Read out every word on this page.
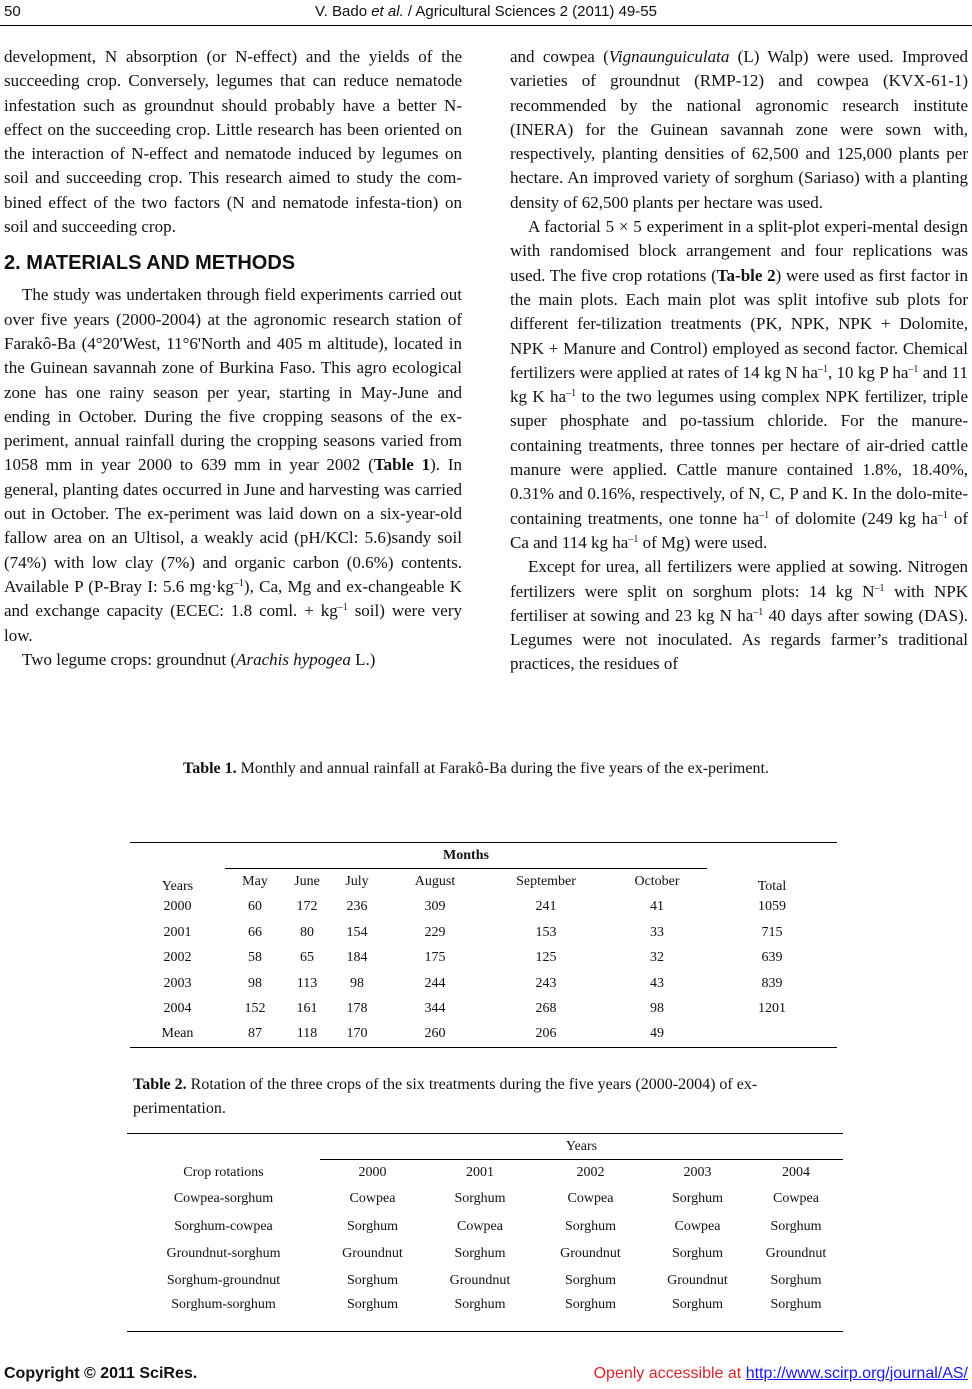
50	V. Bado et al. / Agricultural Sciences 2 (2011) 49-55

development, N absorption (or N-effect) and the yields of the succeeding crop. Conversely, legumes that can reduce nematode infestation such as groundnut should probably have a better N-effect on the succeeding crop. Little research has been oriented on the interaction of N-effect and nematode induced by legumes on soil and succeeding crop. This research aimed to study the com-bined effect of the two factors (N and nematode infesta-tion) on soil and succeeding crop.

2. MATERIALS AND METHODS

The study was undertaken through field experiments carried out over five years (2000-2004) at the agronomic research station of Farakô-Ba (4°20'West, 11°6'North and 405 m altitude), located in the Guinean savannah zone of Burkina Faso. This agro ecological zone has one rainy season per year, starting in May-June and ending in October. During the five cropping seasons of the ex-periment, annual rainfall during the cropping seasons varied from 1058 mm in year 2000 to 639 mm in year 2002 (Table 1). In general, planting dates occurred in June and harvesting was carried out in October. The ex-periment was laid down on a six-year-old fallow area on an Ultisol, a weakly acid (pH/KCl: 5.6)sandy soil (74%) with low clay (7%) and organic carbon (0.6%) contents. Available P (P-Bray I: 5.6 $mg\cdot kg^{-1}$), Ca, Mg and ex-changeable K and exchange capacity (ECEC: 1.8 coml. + $kg^{-1}$ soil) were very low.

Two legume crops: groundnut (Arachis hypogea L.)

and cowpea (Vignaunguiculata (L) Walp) were used. Improved varieties of groundnut (RMP-12) and cowpea (KVX-61-1) recommended by the national agronomic research institute (INERA) for the Guinean savannah zone were sown with, respectively, planting densities of 62,500 and 125,000 plants per hectare. An improved variety of sorghum (Sariaso) with a planting density of 62,500 plants per hectare was used.

A factorial 5 × 5 experiment in a split-plot experi-mental design with randomised block arrangement and four replications was used. The five crop rotations (Ta-ble 2) were used as first factor in the main plots. Each main plot was split intofive sub plots for different fer-tilization treatments (PK, NPK, NPK + Dolomite, NPK + Manure and Control) employed as second factor. Chemical fertilizers were applied at rates of 14 kg N $ha^{-1}$, 10 kg P $ha^{-1}$ and 11 kg K $ha^{-1}$ to the two legumes using complex NPK fertilizer, triple super phosphate and po-tassium chloride. For the manure-containing treatments, three tonnes per hectare of air-dried cattle manure were applied. Cattle manure contained 1.8%, 18.40%, 0.31% and 0.16%, respectively, of N, C, P and K. In the dolo-mite-containing treatments, one tonne $ha^{-1}$ of dolomite (249 kg $ha^{-1}$ of Ca and 114 kg $ha^{-1}$ of Mg) were used.

Except for urea, all fertilizers were applied at sowing. Nitrogen fertilizers were split on sorghum plots: 14 kg $N^{-1}$ with NPK fertiliser at sowing and 23 kg N $ha^{-1}$ 40 days after sowing (DAS). Legumes were not inoculated. As regards farmer’s traditional practices, the residues of

Table 1. Monthly and annual rainfall at Farakô-Ba during the five years of the ex-periment.
Years	Months						Total
	May	June	July	August	September	October	
2000	60	172	236	309	241	41	1059
2001	66	80	154	229	153	33	715
2002	58	65	184	175	125	32	639
2003	98	113	98	244	243	43	839
2004	152	161	178	344	268	98	1201
Mean	87	118	170	260	206	49	
Table 2. Rotation of the three crops of the six treatments during the five years (2000-2004) of ex-perimentation.
	Years				
Crop rotations	2000	2001	2002	2003	2004
Cowpea-sorghum	Cowpea	Sorghum	Cowpea	Sorghum	Cowpea
Sorghum-cowpea	Sorghum	Cowpea	Sorghum	Cowpea	Sorghum
Groundnut-sorghum	Groundnut	Sorghum	Groundnut	Sorghum	Groundnut
Sorghum-groundnut	Sorghum	Groundnut	Sorghum	Groundnut	Sorghum
Sorghum-sorghum	Sorghum	Sorghum	Sorghum	Sorghum	Sorghum
Copyright © 2011 SciRes.	Openly accessible at http://www.scirp.org/journal/AS/
